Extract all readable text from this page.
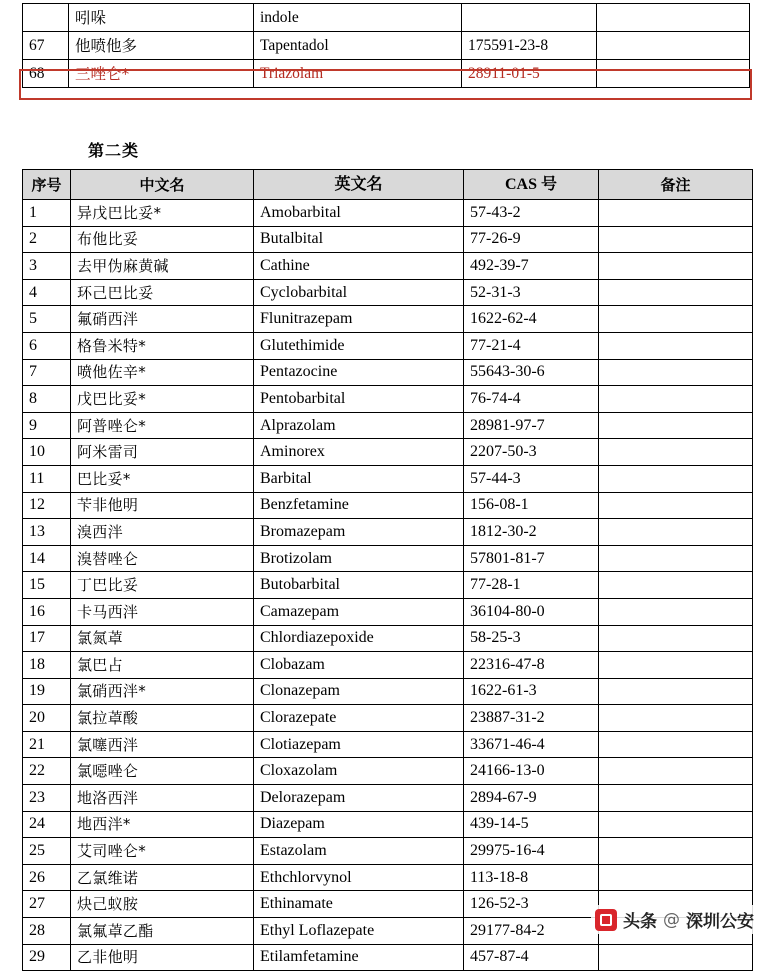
	吲哚	indole		
67	他喷他多	Tapentadol	175591-23-8	
68	三唑仑*	Triazolam	28911-01-5	
第二类
序号	中文名	英文名	CAS 号	备注
1	异戊巴比妥*	Amobarbital	57-43-2	
2	布他比妥	Butalbital	77-26-9	
3	去甲伪麻黄碱	Cathine	492-39-7	
4	环己巴比妥	Cyclobarbital	52-31-3	
5	氟硝西泮	Flunitrazepam	1622-62-4	
6	格鲁米特*	Glutethimide	77-21-4	
7	喷他佐辛*	Pentazocine	55643-30-6	
8	戊巴比妥*	Pentobarbital	76-74-4	
9	阿普唑仑*	Alprazolam	28981-97-7	
10	阿米雷司	Aminorex	2207-50-3	
11	巴比妥*	Barbital	57-44-3	
12	苄非他明	Benzfetamine	156-08-1	
13	溴西泮	Bromazepam	1812-30-2	
14	溴替唑仑	Brotizolam	57801-81-7	
15	丁巴比妥	Butobarbital	77-28-1	
16	卡马西泮	Camazepam	36104-80-0	
17	氯氮䓬	Chlordiazepoxide	58-25-3	
18	氯巴占	Clobazam	22316-47-8	
19	氯硝西泮*	Clonazepam	1622-61-3	
20	氯拉䓬酸	Clorazepate	23887-31-2	
21	氯噻西泮	Clotiazepam	33671-46-4	
22	氯噁唑仑	Cloxazolam	24166-13-0	
23	地洛西泮	Delorazepam	2894-67-9	
24	地西泮*	Diazepam	439-14-5	
25	艾司唑仑*	Estazolam	29975-16-4	
26	乙氯维诺	Ethchlorvynol	113-18-8	
27	炔己蚁胺	Ethinamate	126-52-3	
28	氯氟䓬乙酯	Ethyl Loflazepate	29177-84-2	
29	乙非他明	Etilamfetamine	457-87-4	
头条 @ 深圳公安
